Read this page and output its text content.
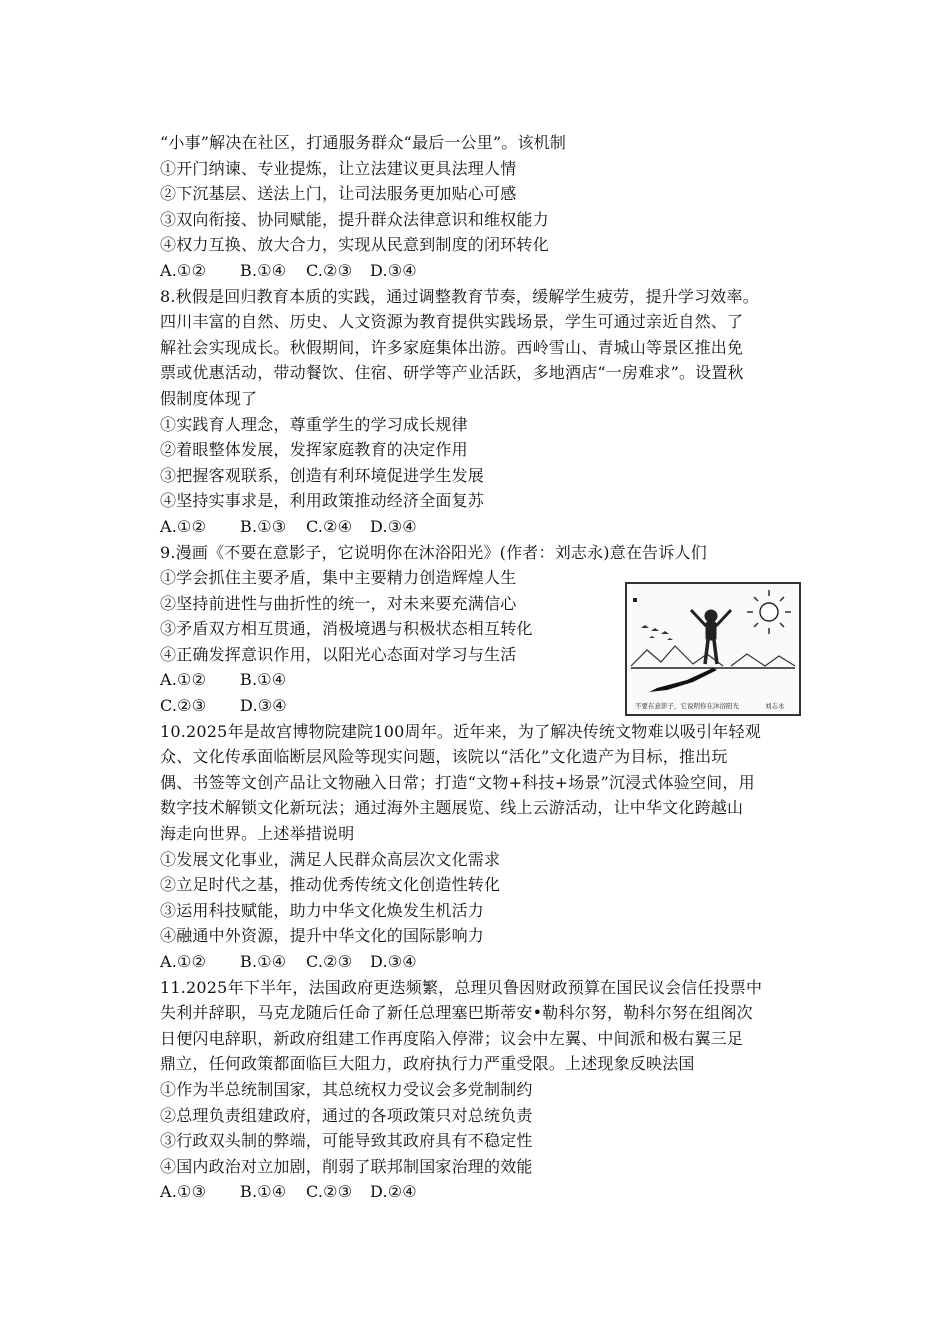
“小事”解决在社区，打通服务群众“最后一公里”。该机制
①开门纳谏、专业提炼，让立法建议更具法理人情
②下沉基层、送法上门，让司法服务更加贴心可感
③双向衔接、协同赋能，提升群众法律意识和维权能力
④权力互换、放大合力，实现从民意到制度的闭环转化
A.①② B.①④ C.②③ D.③④
8.秋假是回归教育本质的实践，通过调整教育节奏，缓解学生疲劳，提升学习效率。
四川丰富的自然、历史、人文资源为教育提供实践场景，学生可通过亲近自然、了
解社会实现成长。秋假期间，许多家庭集体出游。西岭雪山、青城山等景区推出免
票或优惠活动，带动餐饮、住宿、研学等产业活跃，多地酒店“一房难求”。设置秋
假制度体现了
①实践育人理念，尊重学生的学习成长规律
②着眼整体发展，发挥家庭教育的决定作用
③把握客观联系，创造有利环境促进学生发展
④坚持实事求是，利用政策推动经济全面复苏
A.①② B.①③ C.②④ D.③④
9.漫画《不要在意影子，它说明你在沐浴阳光》(作者：刘志永)意在告诉人们
①学会抓住主要矛盾，集中主要精力创造辉煌人生
②坚持前进性与曲折性的统一，对未来要充满信心
③矛盾双方相互贯通，消极境遇与积极状态相互转化
④正确发挥意识作用，以阳光心态面对学习与生活
A.①② B.①④
C.②③ D.③④	不要在意影子，它说明你在沐浴阳光	刘志永
10.2025年是故宫博物院建院100周年。近年来，为了解决传统文物难以吸引年轻观
众、文化传承面临断层风险等现实问题，该院以“活化”文化遗产为目标，推出玩
偶、书签等文创产品让文物融入日常；打造“文物+科技+场景”沉浸式体验空间，用
数字技术解锁文化新玩法；通过海外主题展览、线上云游活动，让中华文化跨越山
海走向世界。上述举措说明
①发展文化事业，满足人民群众高层次文化需求
②立足时代之基，推动优秀传统文化创造性转化
③运用科技赋能，助力中华文化焕发生机活力
④融通中外资源，提升中华文化的国际影响力
A.①② B.①④ C.②③ D.③④
11.2025年下半年，法国政府更迭频繁，总理贝鲁因财政预算在国民议会信任投票中
失利并辞职，马克龙随后任命了新任总理塞巴斯蒂安•勒科尔努，勒科尔努在组阁次
日便闪电辞职，新政府组建工作再度陷入停滞；议会中左翼、中间派和极右翼三足
鼎立，任何政策都面临巨大阻力，政府执行力严重受限。上述现象反映法国
①作为半总统制国家，其总统权力受议会多党制制约
②总理负责组建政府，通过的各项政策只对总统负责
③行政双头制的弊端，可能导致其政府具有不稳定性
④国内政治对立加剧，削弱了联邦制国家治理的效能
A.①③ B.①④ C.②③ D.②④
